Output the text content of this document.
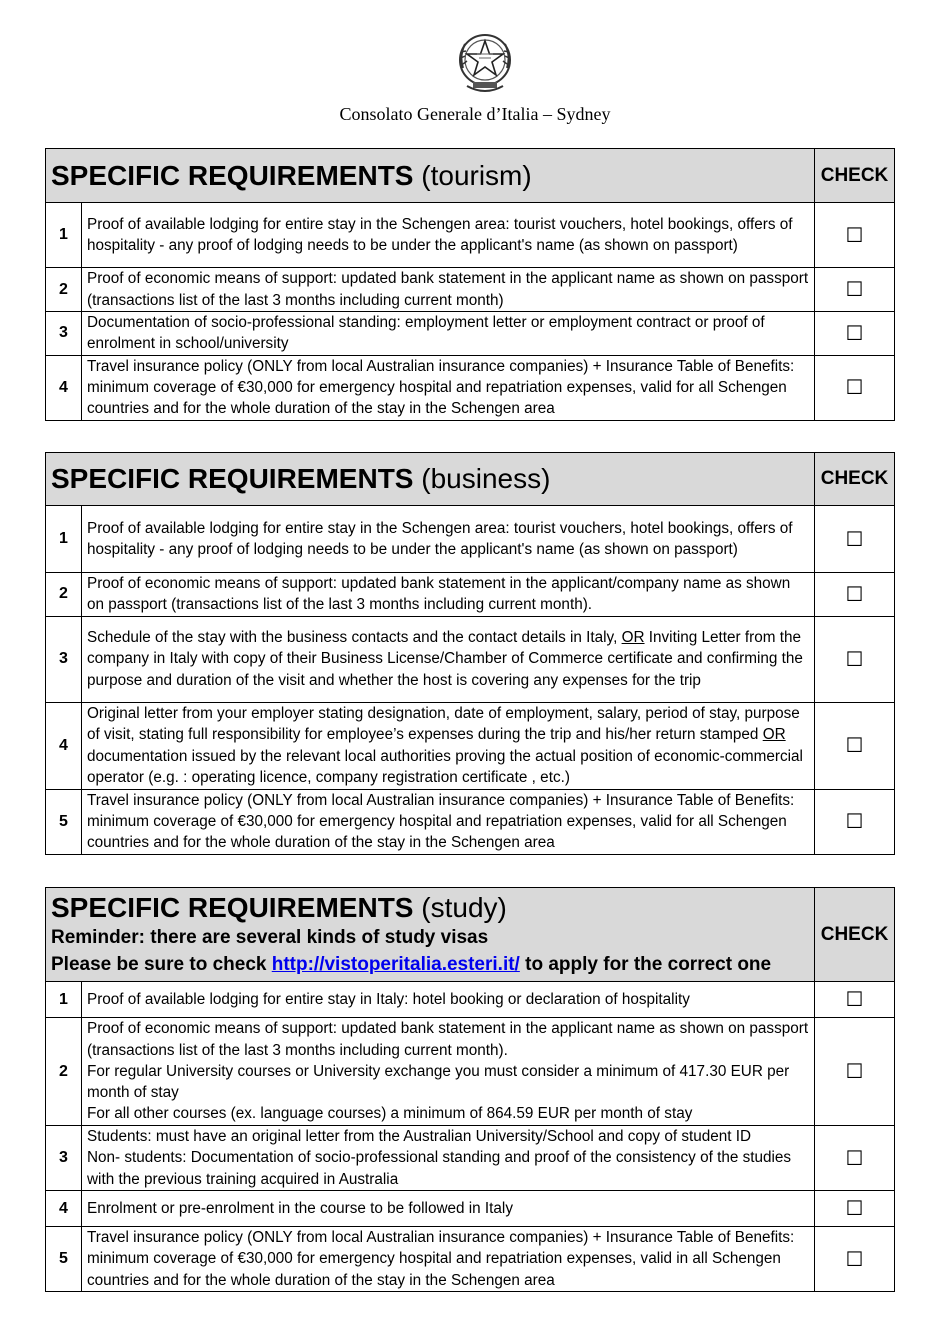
Consolato Generale d’Italia – Sydney
SPECIFIC REQUIREMENTS (tourism)		CHECK
1	Proof of available lodging for entire stay in the Schengen area: tourist vouchers, hotel bookings, offers of hospitality - any proof of lodging needs to be under the applicant's name (as shown on passport)	☐
2	Proof of economic means of support: updated bank statement in the applicant name as shown on passport (transactions list of the last 3 months including current month)	☐
3	Documentation of socio-professional standing: employment letter or employment contract or proof of enrolment in school/university	☐
4	Travel insurance policy (ONLY from local Australian insurance companies) + Insurance Table of Benefits: minimum coverage of €30,000 for emergency hospital and repatriation expenses, valid for all Schengen countries and for the whole duration of the stay in the Schengen area	☐
SPECIFIC REQUIREMENTS (business)		CHECK
1	Proof of available lodging for entire stay in the Schengen area: tourist vouchers, hotel bookings, offers of hospitality - any proof of lodging needs to be under the applicant's name (as shown on passport)	☐
2	Proof of economic means of support: updated bank statement in the applicant/company name as shown on passport (transactions list of the last 3 months including current month).	☐
3	Schedule of the stay with the business contacts and the contact details in Italy, OR Inviting Letter from the company in Italy with copy of their Business License/Chamber of Commerce certificate and confirming the purpose and duration of the visit and whether the host is covering any expenses for the trip	☐
4	Original letter from your employer stating designation, date of employment, salary, period of stay, purpose of visit, stating full responsibility for employee’s expenses during the trip and his/her return stamped OR documentation issued by the relevant local authorities proving the actual position of economic-commercial operator (e.g. : operating licence, company registration certificate , etc.)	☐
5	Travel insurance policy (ONLY from local Australian insurance companies) + Insurance Table of Benefits: minimum coverage of €30,000 for emergency hospital and repatriation expenses, valid for all Schengen countries and for the whole duration of the stay in the Schengen area	☐
SPECIFIC REQUIREMENTS (study)
Reminder: there are several kinds of study visas
Please be sure to check http://vistoperitalia.esteri.it/ to apply for the correct one		CHECK
1	Proof of available lodging for entire stay in Italy: hotel booking or declaration of hospitality	☐
2	Proof of economic means of support: updated bank statement in the applicant name as shown on passport (transactions list of the last 3 months including current month).
For regular University courses or University exchange you must consider a minimum of 417.30 EUR per month of stay
For all other courses (ex. language courses) a minimum of 864.59 EUR per month of stay	☐
3	Students: must have an original letter from the Australian University/School and copy of student ID
Non- students: Documentation of socio-professional standing and proof of the consistency of the studies with the previous training acquired in Australia	☐
4	Enrolment or pre-enrolment in the course to be followed in Italy	☐
5	Travel insurance policy (ONLY from local Australian insurance companies) + Insurance Table of Benefits: minimum coverage of €30,000 for emergency hospital and repatriation expenses, valid in all Schengen countries and for the whole duration of the stay in the Schengen area	☐
